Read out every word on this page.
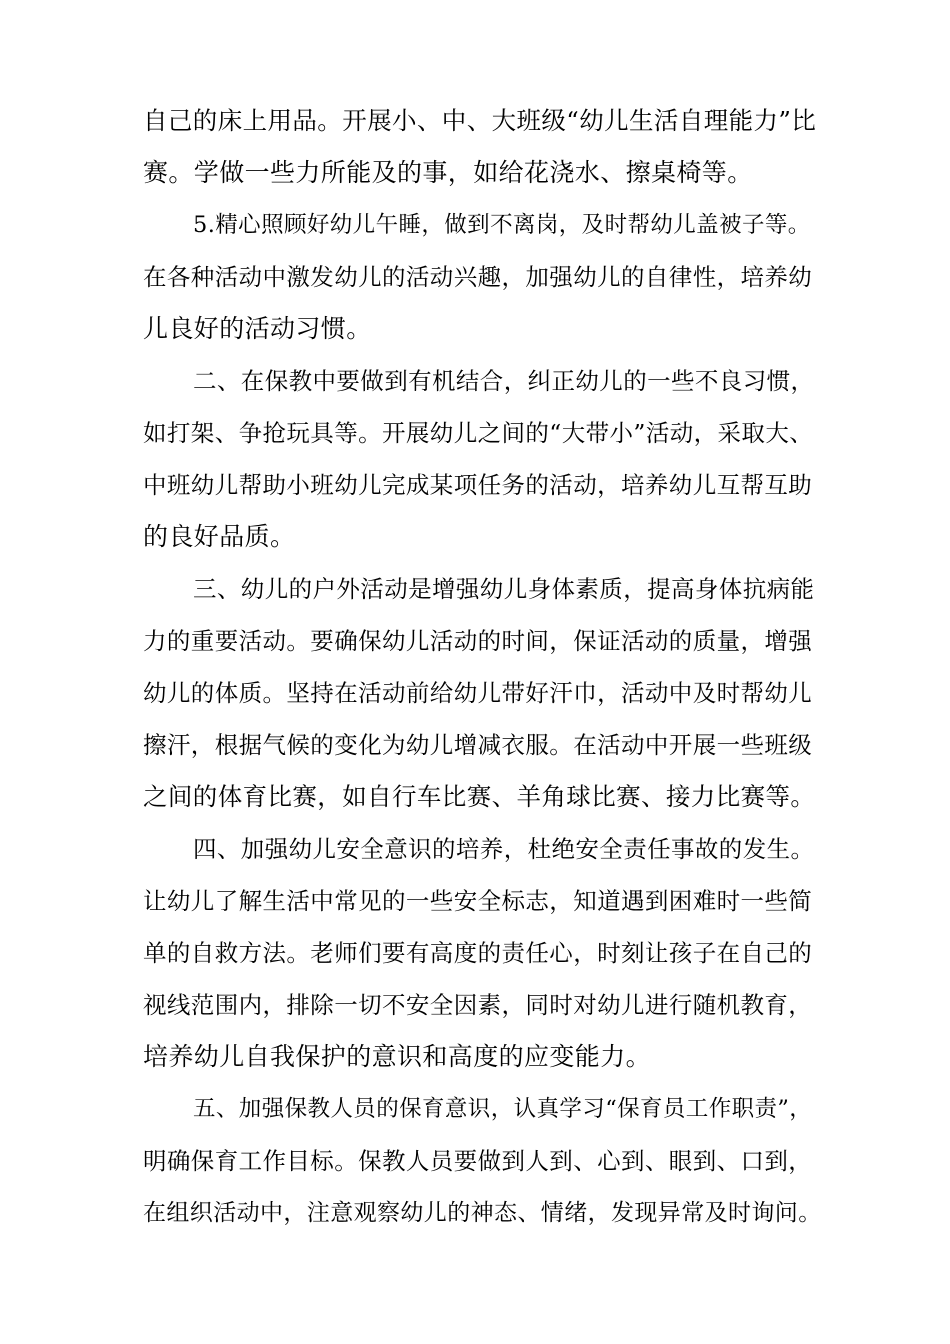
自己的床上用品。开展小、中、大班级“幼儿生活自理能力”比
赛。学做一些力所能及的事，如给花浇水、擦桌椅等。
5.精心照顾好幼儿午睡，做到不离岗，及时帮幼儿盖被子等。
在各种活动中激发幼儿的活动兴趣，加强幼儿的自律性，培养幼
儿良好的活动习惯。
二、在保教中要做到有机结合，纠正幼儿的一些不良习惯，
如打架、争抢玩具等。开展幼儿之间的“大带小”活动，采取大、
中班幼儿帮助小班幼儿完成某项任务的活动，培养幼儿互帮互助
的良好品质。
三、幼儿的户外活动是增强幼儿身体素质，提高身体抗病能
力的重要活动。要确保幼儿活动的时间，保证活动的质量，增强
幼儿的体质。坚持在活动前给幼儿带好汗巾，活动中及时帮幼儿
擦汗，根据气候的变化为幼儿增减衣服。在活动中开展一些班级
之间的体育比赛，如自行车比赛、羊角球比赛、接力比赛等。
四、加强幼儿安全意识的培养，杜绝安全责任事故的发生。
让幼儿了解生活中常见的一些安全标志，知道遇到困难时一些简
单的自救方法。老师们要有高度的责任心，时刻让孩子在自己的
视线范围内，排除一切不安全因素，同时对幼儿进行随机教育，
培养幼儿自我保护的意识和高度的应变能力。
五、加强保教人员的保育意识，认真学习“保育员工作职责”，
明确保育工作目标。保教人员要做到人到、心到、眼到、口到，
在组织活动中，注意观察幼儿的神态、情绪，发现异常及时询问。
